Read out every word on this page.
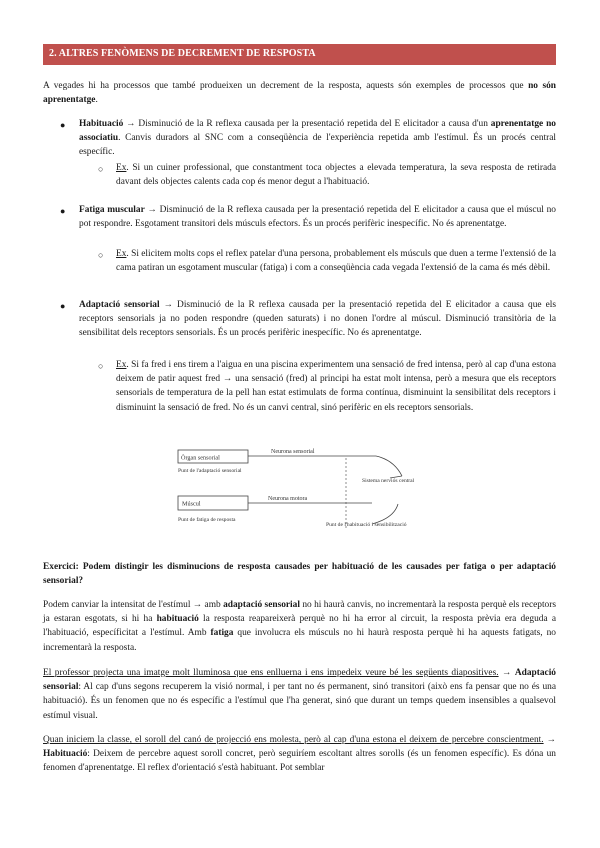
2. ALTRES FENÒMENS DE DECREMENT DE RESPOSTA
A vegades hi ha processos que també produeixen un decrement de la resposta, aquests són exemples de processos que no són aprenentatge.
● Habituació → Disminució de la R reflexa causada per la presentació repetida del E elicitador a causa d'un aprenentatge no associatiu. Canvis duradors al SNC com a conseqüència de l'experiència repetida amb l'estímul. És un procés central específic.
○ Ex. Si un cuiner professional, que constantment toca objectes a elevada temperatura, la seva resposta de retirada davant dels objectes calents cada cop és menor degut a l'habituació.
● Fatiga muscular → Disminució de la R reflexa causada per la presentació repetida del E elicitador a causa que el múscul no pot respondre. Esgotament transitori dels músculs efectors. És un procés perifèric inespecífic. No és aprenentatge.
○ Ex. Si elicitem molts cops el reflex patelar d'una persona, probablement els músculs que duen a terme l'extensió de la cama patiran un esgotament muscular (fatiga) i com a conseqüència cada vegada l'extensió de la cama és més dèbil.
● Adaptació sensorial → Disminució de la R reflexa causada per la presentació repetida del E elicitador a causa que els receptors sensorials ja no poden respondre (queden saturats) i no donen l'ordre al múscul. Disminució transitòria de la sensibilitat dels receptors sensorials. És un procés perifèric inespecífic. No és aprenentatge.
○ Ex. Si fa fred i ens tirem a l'aigua en una piscina experimentem una sensació de fred intensa, però al cap d'una estona deixem de patir aquest fred → una sensació (fred) al principi ha estat molt intensa, però a mesura que els receptors sensorials de temperatura de la pell han estat estimulats de forma contínua, disminuint la sensibilitat dels receptors i disminuint la sensació de fred. No és un canvi central, sinó perifèric en els receptors sensorials.
Òrgan sensorial
Neurona sensorial
Punt de l'adaptació sensorial
Sistema nerviós central
Neurona motora
Múscul
Punt de fatiga de resposta
Punt de l'habituació i sensibilització
Exercici: Podem distingir les disminucions de resposta causades per habituació de les causades per fatiga o per adaptació sensorial?
Podem canviar la intensitat de l'estímul → amb adaptació sensorial no hi haurà canvis, no incrementarà la resposta perquè els receptors ja estaran esgotats, si hi ha habituació la resposta reapareixerà perquè no hi ha error al circuit, la resposta prèvia era deguda a l'habituació, específicitat a l'estímul. Amb fatiga que involucra els músculs no hi haurà resposta perquè hi ha aquests fatigats, no incrementarà la resposta.
El professor projecta una imatge molt lluminosa que ens enlluerna i ens impedeix veure bé les següents diapositives. → Adaptació sensorial: Al cap d'uns segons recuperem la visió normal, i per tant no és permanent, sinó transitori (això ens fa pensar que no és una habituació). És un fenomen que no és específic a l'estímul que l'ha generat, sinó que durant un temps quedem insensibles a qualsevol estímul visual.
Quan iniciem la classe, el soroll del canó de projecció ens molesta, però al cap d'una estona el deixem de percebre conscientment. → Habituació: Deixem de percebre aquest soroll concret, però seguiríem escoltant altres sorolls (és un fenomen específic). Es dóna un fenomen d'aprenentatge. El reflex d'orientació s'està habituant. Pot semblar
